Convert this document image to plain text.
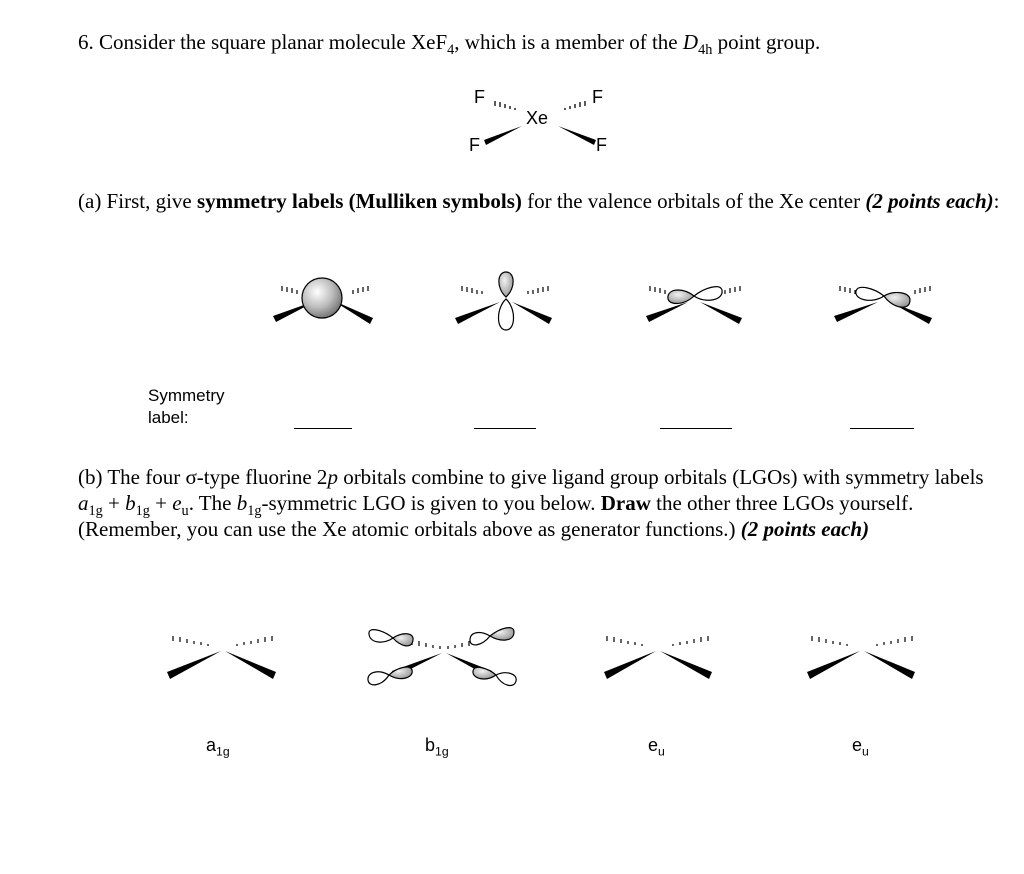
6. Consider the square planar molecule XeF$_4$, which is a member of the $D_{4h}$ point group.
Xe
F	F
F	F
(a) First, give symmetry labels (Mulliken symbols) for the valence orbitals of the Xe center (2 points each):
Symmetry
label:
(b) The four σ-type fluorine 2p orbitals combine to give ligand group orbitals (LGOs) with symmetry labels $a_{1g} + b_{1g} + e_u$. The $b_{1g}$-symmetric LGO is given to you below. Draw the other three LGOs yourself. (Remember, you can use the Xe atomic orbitals above as generator functions.) (2 points each)
$a_{1g}$	$b_{1g}$	$e_u$	$e_u$
